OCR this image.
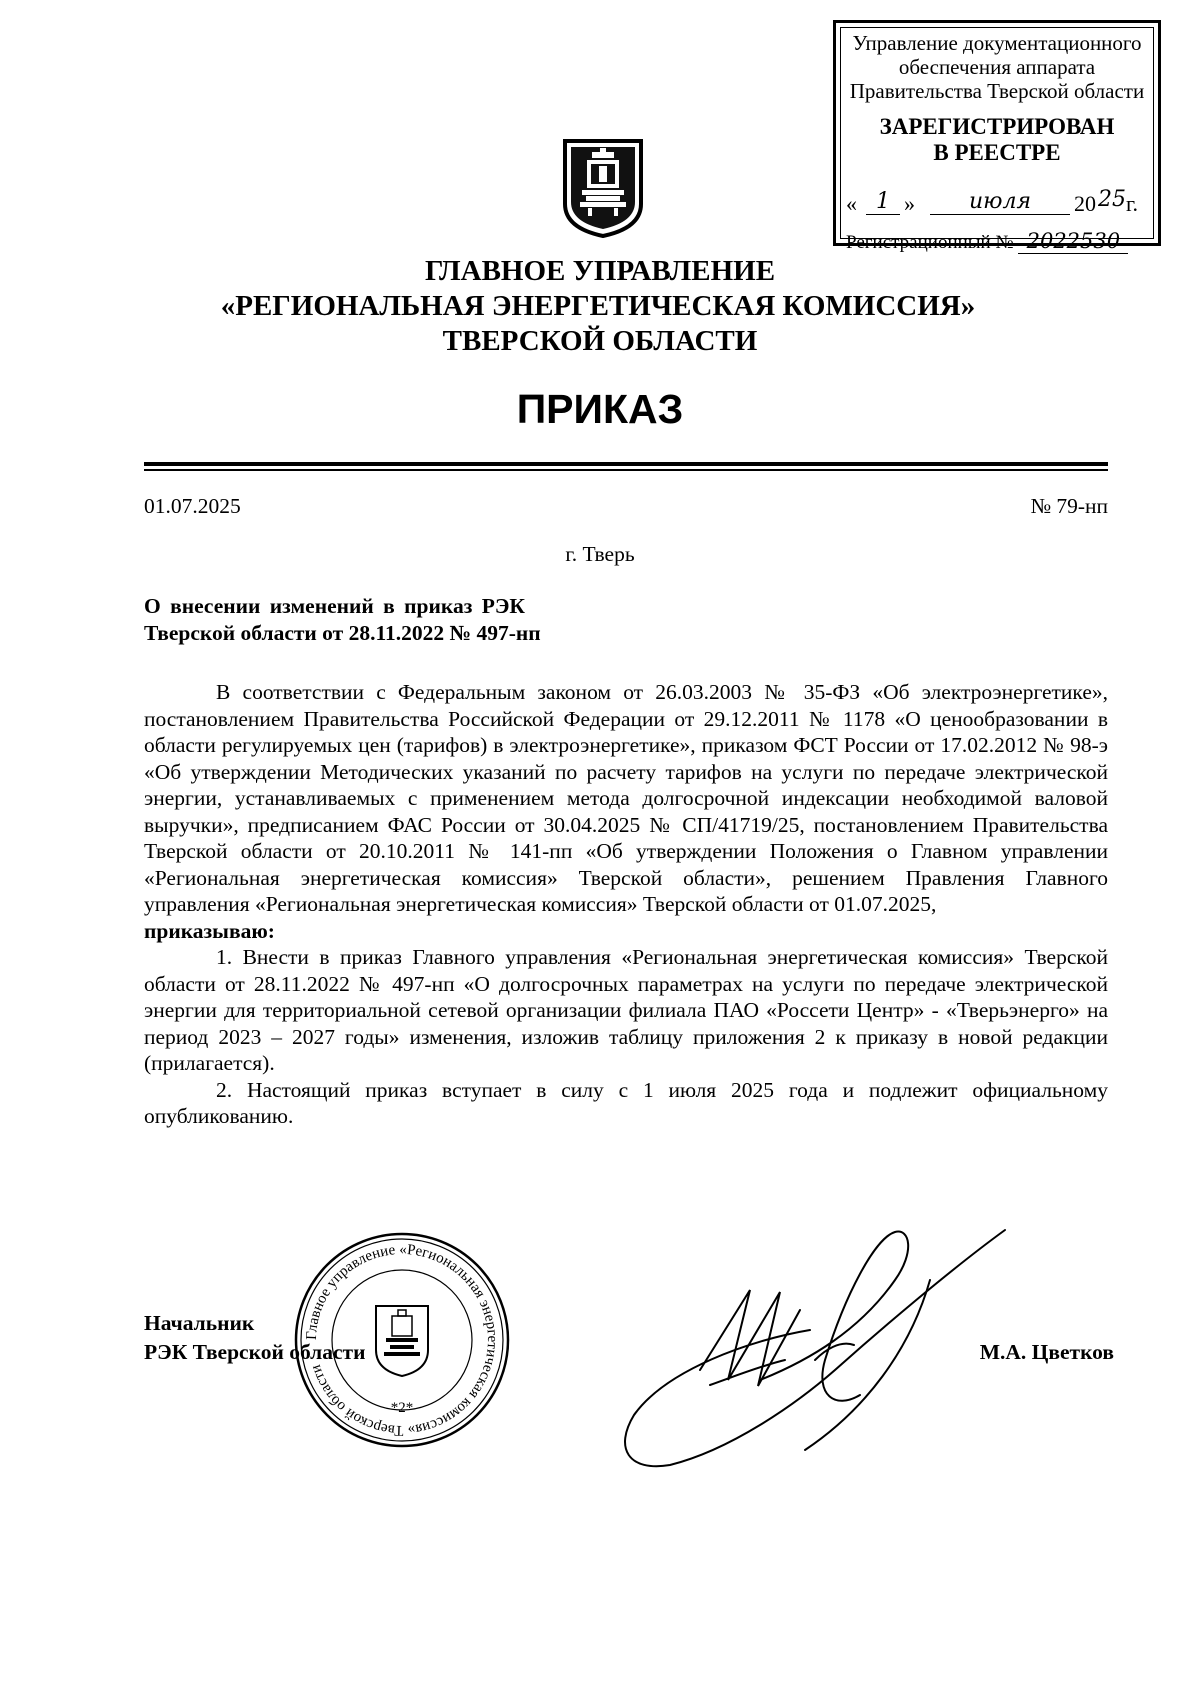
Управление документационного
обеспечения аппарата
Правительства Тверской области
ЗАРЕГИСТРИРОВАН
В РЕЕСТРЕ
« 1 »	июля	20 25 г.
Регистрационный № 2022530
ГЛАВНОЕ УПРАВЛЕНИЕ
«РЕГИОНАЛЬНАЯ ЭНЕРГЕТИЧЕСКАЯ КОМИССИЯ»
ТВЕРСКОЙ ОБЛАСТИ
ПРИКАЗ
01.07.2025	№ 79-нп
г. Тверь
О внесении изменений в приказ РЭК
Тверской области от 28.11.2022 № 497-нп

В соответствии с Федеральным законом от 26.03.2003 № 35-ФЗ «Об электроэнергетике», постановлением Правительства Российской Федерации от 29.12.2011 № 1178 «О ценообразовании в области регулируемых цен (тарифов) в электроэнергетике», приказом ФСТ России от 17.02.2012 № 98-э «Об утверждении Методических указаний по расчету тарифов на услуги по передаче электрической энергии, устанавливаемых с применением метода долгосрочной индексации необходимой валовой выручки», предписанием ФАС России от 30.04.2025 № СП/41719/25, постановлением Правительства Тверской области от 20.10.2011 № 141-пп «Об утверждении Положения о Главном управлении «Региональная энергетическая комиссия» Тверской области», решением Правления Главного управления «Региональная энергетическая комиссия» Тверской области от 01.07.2025,

приказываю:

1. Внести в приказ Главного управления «Региональная энергетическая комиссия» Тверской области от 28.11.2022 № 497-нп «О долгосрочных параметрах на услуги по передаче электрической энергии для территориальной сетевой организации филиала ПАО «Россети Центр» - «Тверьэнерго» на период 2023 – 2027 годы» изменения, изложив таблицу приложения 2 к приказу в новой редакции (прилагается).

2. Настоящий приказ вступает в силу с 1 июля 2025 года и подлежит официальному опубликованию.

Главное управление «Региональная энергетическая комиссия» Тверской области
*2*
Начальник
РЭК Тверской области	М.А. Цветков
